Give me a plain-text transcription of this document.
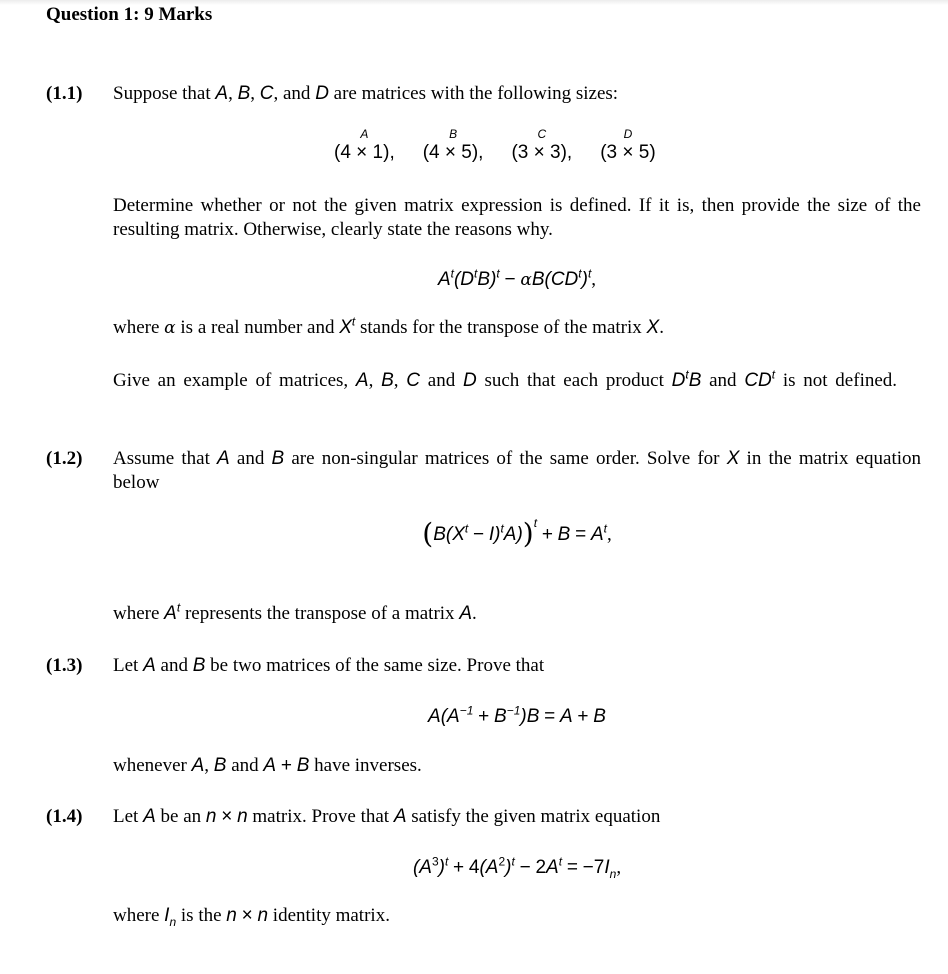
Question 1: 9 Marks
(1.1) Suppose that A, B, C, and D are matrices with the following sizes:
A
(4 × 1),
B
(4 × 5),
C
(3 × 3),
D
(3 × 5)
Determine whether or not the given matrix expression is defined. If it is, then provide the size of the resulting matrix. Otherwise, clearly state the reasons why.
$A^t(D^tB)^t - \alpha B(CD^t)^t$,
where α is a real number and $X^t$ stands for the transpose of the matrix X.
Give an example of matrices, A, B, C and D such that each product $D^tB$ and $CD^t$ is not defined.
(1.2) Assume that A and B are non-singular matrices of the same order. Solve for X in the matrix equation below
$(B(X^t - I)^tA))^t + B = A^t$,
where $A^t$ represents the transpose of a matrix A.
(1.3) Let A and B be two matrices of the same size. Prove that
$A(A^{-1} + B^{-1})B = A + B$
whenever A, B and A + B have inverses.
(1.4) Let A be an n × n matrix. Prove that A satisfy the given matrix equation
$(A^3)^t + 4(A^2)^t - 2A^t = -7I_n$,
where $I_n$ is the n × n identity matrix.
